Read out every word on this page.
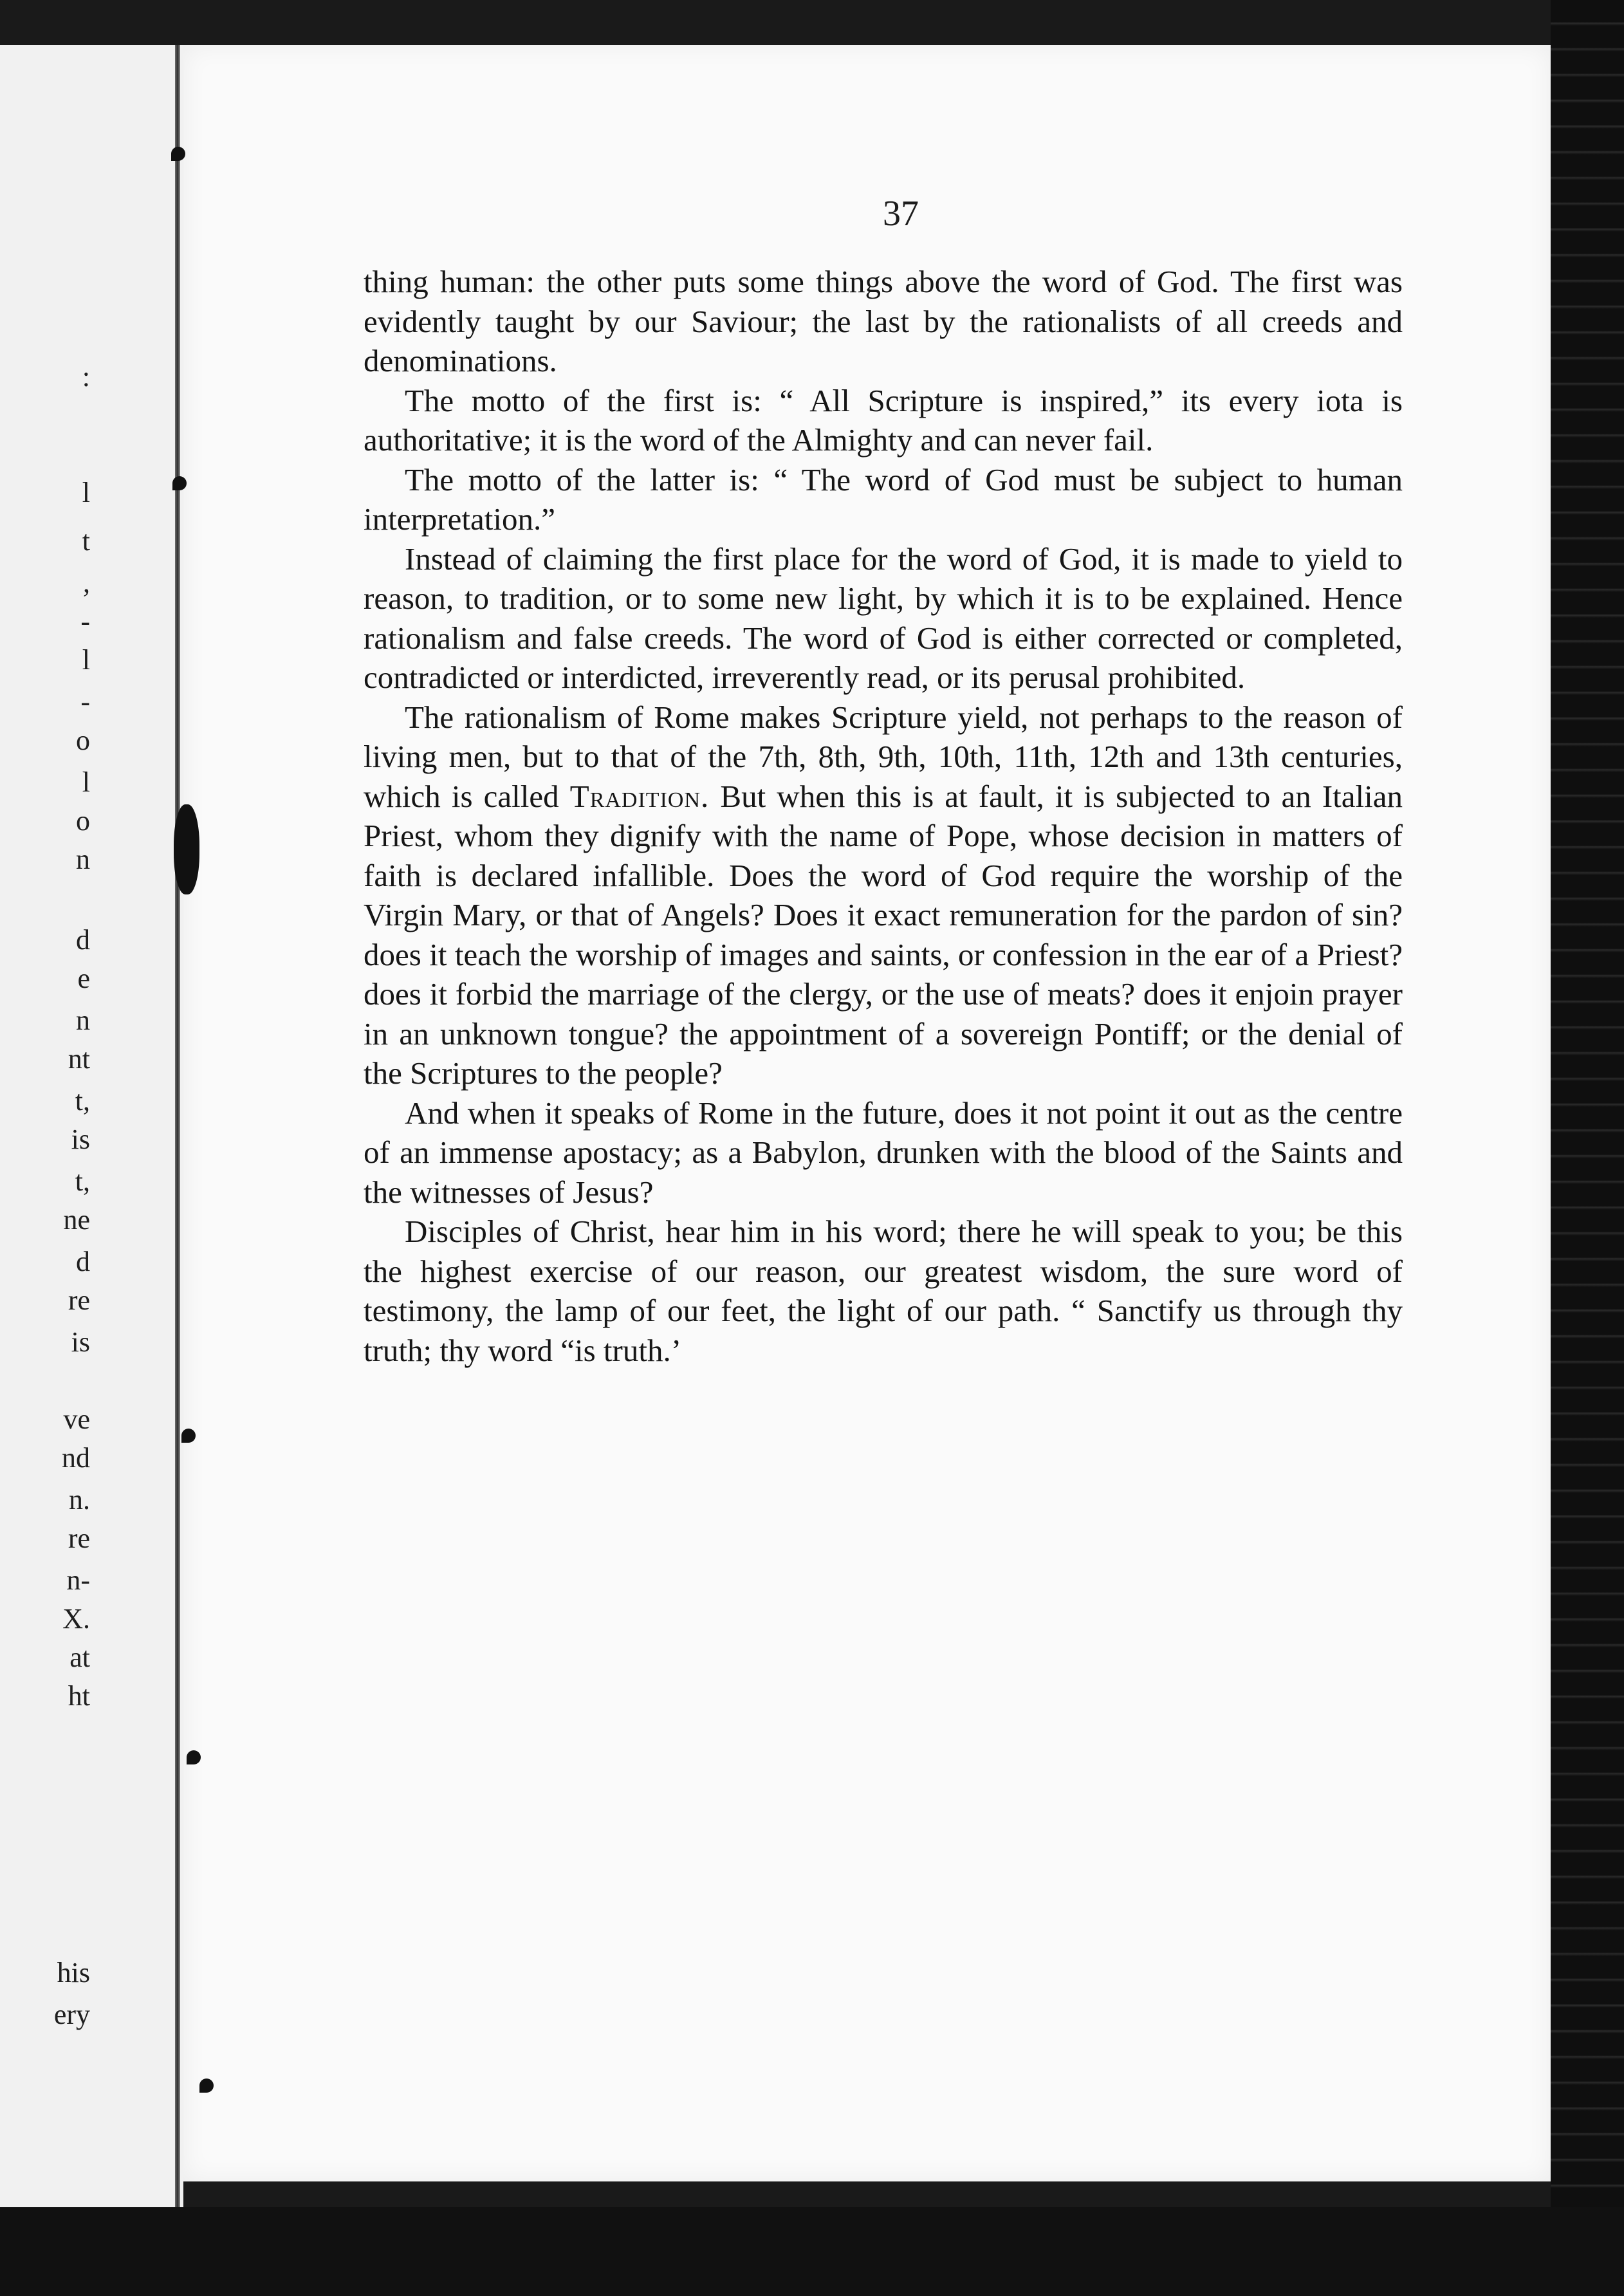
:
l
t
,
-
l
-
o
l
o
n
d
e
n
nt
t,
is
t,
ne
d
re
is
ve
nd
n.
re
n-
X.
at
ht
his
ery
37

thing human: the other puts some things above the word of God. The first was evidently taught by our Saviour; the last by the rationalists of all creeds and denominations.

The motto of the first is: “ All Scripture is inspired,” its every iota is authoritative; it is the word of the Almighty and can never fail.

The motto of the latter is: “ The word of God must be subject to human interpretation.”

Instead of claiming the first place for the word of God, it is made to yield to reason, to tradition, or to some new light, by which it is to be explained. Hence rationalism and false creeds. The word of God is either corrected or completed, contradicted or interdicted, irreverently read, or its perusal prohibited.

The rationalism of Rome makes Scripture yield, not perhaps to the reason of living men, but to that of the 7th, 8th, 9th, 10th, 11th, 12th and 13th centuries, which is called Tradition. But when this is at fault, it is subjected to an Italian Priest, whom they dignify with the name of Pope, whose decision in matters of faith is declared infallible. Does the word of God require the worship of the Virgin Mary, or that of Angels? Does it exact remuneration for the pardon of sin? does it teach the worship of images and saints, or confession in the ear of a Priest? does it forbid the marriage of the clergy, or the use of meats? does it enjoin prayer in an unknown tongue? the appointment of a sovereign Pontiff; or the denial of the Scriptures to the people?

And when it speaks of Rome in the future, does it not point it out as the centre of an immense apostacy; as a Babylon, drunken with the blood of the Saints and the witnesses of Jesus?

Disciples of Christ, hear him in his word; there he will speak to you; be this the highest exercise of our reason, our greatest wisdom, the sure word of testimony, the lamp of our feet, the light of our path. “ Sanctify us through thy truth; thy word “is truth.’
